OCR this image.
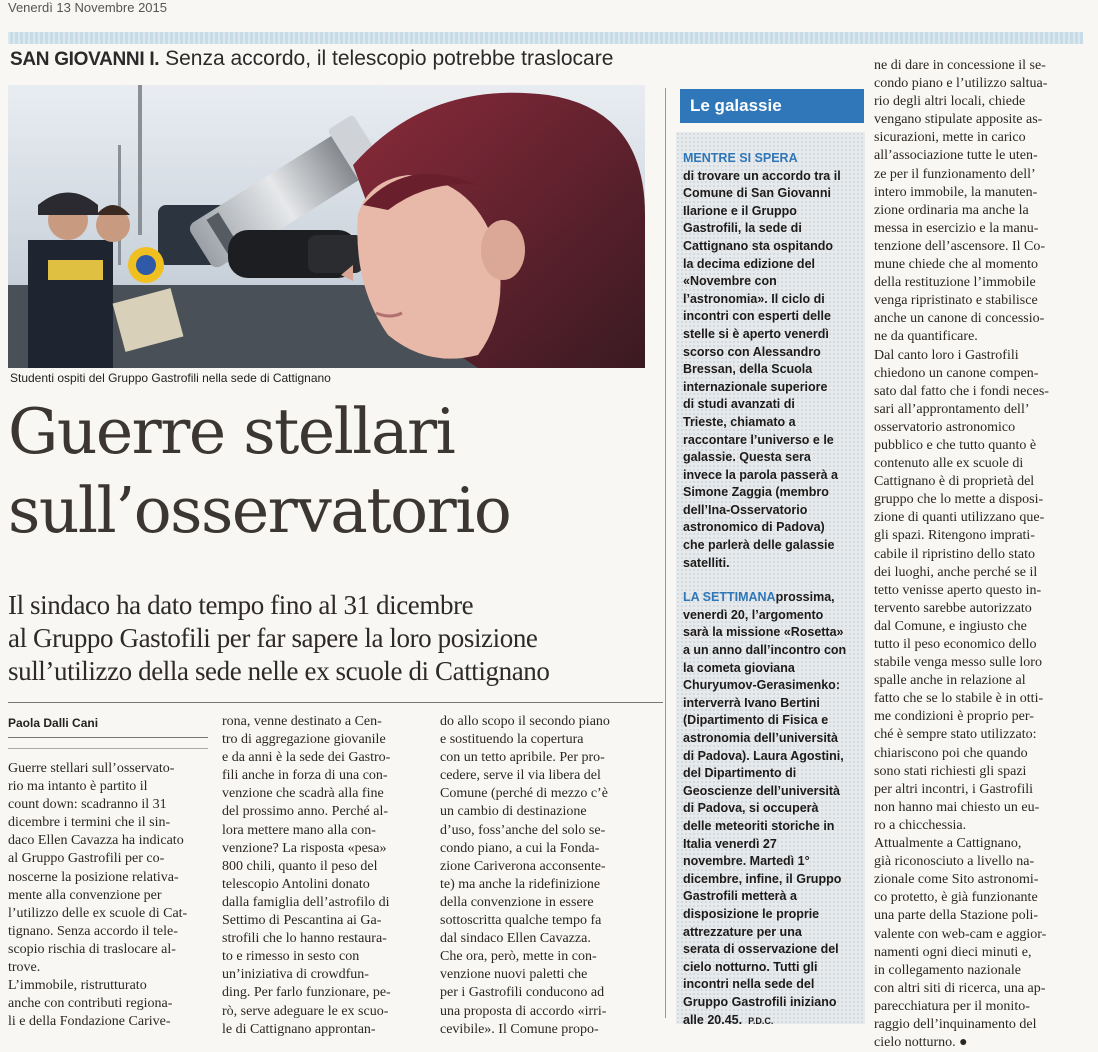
Venerdì 13 Novembre 2015
SAN GIOVANNI I. Senza accordo, il telescopio potrebbe traslocare
Studenti ospiti del Gruppo Gastrofili nella sede di Cattignano
Guerre stellari
sull’osservatorio
Il sindaco ha dato tempo fino al 31 dicembre
al Gruppo Gastofili per far sapere la loro posizione
sull’utilizzo della sede nelle ex scuole di Cattignano
Paola Dalli Cani
Guerre stellari sull’osservato-
rio ma intanto è partito il
count down: scadranno il 31
dicembre i termini che il sin-
daco Ellen Cavazza ha indicato
al Gruppo Gastrofili per co-
noscerne la posizione relativa-
mente alla convenzione per
l’utilizzo delle ex scuole di Cat-
tignano. Senza accordo il tele-
scopio rischia di traslocare al-
trove.
L’immobile, ristrutturato
anche con contributi regiona-
li e della Fondazione Carive-
rona, venne destinato a Cen-
tro di aggregazione giovanile
e da anni è la sede dei Gastro-
fili anche in forza di una con-
venzione che scadrà alla fine
del prossimo anno. Perché al-
lora mettere mano alla con-
venzione? La risposta «pesa»
800 chili, quanto il peso del
telescopio Antolini donato
dalla famiglia dell’astrofilo di
Settimo di Pescantina ai Ga-
strofili che lo hanno restaura-
to e rimesso in sesto con
un’iniziativa di crowdfun-
ding. Per farlo funzionare, pe-
rò, serve adeguare le ex scuo-
le di Cattignano approntan-
do allo scopo il secondo piano
e sostituendo la copertura
con un tetto apribile. Per pro-
cedere, serve il via libera del
Comune (perché di mezzo c’è
un cambio di destinazione
d’uso, foss’anche del solo se-
condo piano, a cui la Fonda-
zione Cariverona acconsente-
te) ma anche la ridefinizione
della convenzione in essere
sottoscritta qualche tempo fa
dal sindaco Ellen Cavazza.
Che ora, però, mette in con-
venzione nuovi paletti che
per i Gastrofili conducono ad
una proposta di accordo «irri-
cevibile». Il Comune propo-
ne di dare in concessione il se-
condo piano e l’utilizzo saltua-
rio degli altri locali, chiede
vengano stipulate apposite as-
sicurazioni, mette in carico
all’associazione tutte le uten-
ze per il funzionamento dell’
intero immobile, la manuten-
zione ordinaria ma anche la
messa in esercizio e la manu-
tenzione dell’ascensore. Il Co-
mune chiede che al momento
della restituzione l’immobile
venga ripristinato e stabilisce
anche un canone di concessio-
ne da quantificare.
Dal canto loro i Gastrofili
chiedono un canone compen-
sato dal fatto che i fondi neces-
sari all’approntamento dell’
osservatorio astronomico
pubblico e che tutto quanto è
contenuto alle ex scuole di
Cattignano è di proprietà del
gruppo che lo mette a disposi-
zione di quanti utilizzano que-
gli spazi. Ritengono imprati-
cabile il ripristino dello stato
dei luoghi, anche perché se il
tetto venisse aperto questo in-
tervento sarebbe autorizzato
dal Comune, e ingiusto che
tutto il peso economico dello
stabile venga messo sulle loro
spalle anche in relazione al
fatto che se lo stabile è in otti-
me condizioni è proprio per-
ché è sempre stato utilizzato:
chiariscono poi che quando
sono stati richiesti gli spazi
per altri incontri, i Gastrofili
non hanno mai chiesto un eu-
ro a chicchessia.
Attualmente a Cattignano,
già riconosciuto a livello na-
zionale come Sito astronomi-
co protetto, è già funzionante
una parte della Stazione poli-
valente con web-cam e aggior-
namenti ogni dieci minuti e,
in collegamento nazionale
con altri siti di ricerca, una ap-
parecchiatura per il monito-
raggio dell’inquinamento del
cielo notturno. ●
Le galassie
MENTRE SI SPERA
di trovare un accordo tra il
Comune di San Giovanni
Ilarione e il Gruppo
Gastrofili, la sede di
Cattignano sta ospitando
la decima edizione del
«Novembre con
l’astronomia». Il ciclo di
incontri con esperti delle
stelle si è aperto venerdì
scorso con Alessandro
Bressan, della Scuola
internazionale superiore
di studi avanzati di
Trieste, chiamato a
raccontare l’universo e le
galassie. Questa sera
invece la parola passerà a
Simone Zaggia (membro
dell’Ina-Osservatorio
astronomico di Padova)
che parlerà delle galassie
satelliti.
LA SETTIMANAprossima,
venerdì 20, l’argomento
sarà la missione «Rosetta»
a un anno dall’incontro con
la cometa gioviana
Churyumov-Gerasimenko:
interverrà Ivano Bertini
(Dipartimento di Fisica e
astronomia dell’università
di Padova). Laura Agostini,
del Dipartimento di
Geoscienze dell’università
di Padova, si occuperà
delle meteoriti storiche in
Italia venerdì 27
novembre. Martedì 1°
dicembre, infine, il Gruppo
Gastrofili metterà a
disposizione le proprie
attrezzature per una
serata di osservazione del
cielo notturno. Tutti gli
incontri nella sede del
Gruppo Gastrofili iniziano
alle 20.45. P.D.C.
